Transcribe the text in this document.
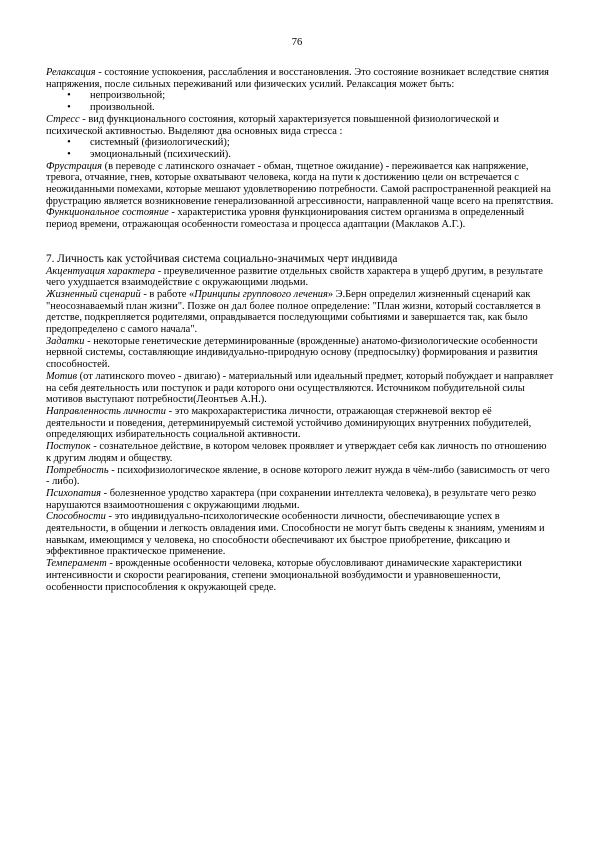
76

Релаксация - состояние успокоения, расслабления и восстановления. Это состояние возникает вследствие снятия напряжения, после сильных переживаний или физических усилий. Релаксация может быть:

•	непроизвольной;
•	произвольной.

Стресс - вид функционального состояния, который характеризуется повышенной физиологической и психической активностью. Выделяют два основных вида стресса :

•	системный (физиологический);
•	эмоциональный (психический).

Фрустрация (в переводе с латинского означает - обман, тщетное ожидание) - переживается как напряжение, тревога, отчаяние, гнев, которые охватывают человека, когда на пути к достижению цели он встречается с неожиданными помехами, которые мешают удовлетворению потребности. Самой распространенной реакцией на фрустрацию является возникновение генерализованной агрессивности, направленной чаще всего на препятствия.

Функциональное состояние - характеристика уровня функционирования систем организма в определенный период времени, отражающая особенности гомеостаза и процесса адаптации (Маклаков А.Г.).

7. Личность как устойчивая система социально-значимых черт индивида

Акцентуация характера - преувеличенное развитие отдельных свойств характера в ущерб другим, в результате чего ухудшается взаимодействие с окружающими людьми.

Жизненный сценарий - в работе «Принципы группового лечения» Э.Берн определил жизненный сценарий как "неосознаваемый план жизни". Позже он дал более полное определение: "План жизни, который составляется в детстве, подкрепляется родителями, оправдывается последующими событиями и завершается так, как было предопределено с самого начала".

Задатки - некоторые генетические детерминированные (врожденные) анатомо-физиологические особенности нервной системы, составляющие индивидуально-природную основу (предпосылку) формирования и развития способностей.

Мотив (от латинского moveo - двигаю) - материальный или идеальный предмет, который побуждает и направляет на себя деятельность или поступок и ради которого они осуществляются. Источником побудительной силы мотивов выступают потребности(Леонтьев А.Н.).

Направленность личности - это макрохарактеристика личности, отражающая стержневой вектор её деятельности и поведения, детерминируемый системой устойчиво доминирующих внутренних побудителей, определяющих избирательность социальной активности.

Поступок - сознательное действие, в котором человек проявляет и утверждает себя как личность по отношению к другим людям и обществу.

Потребность - психофизиологическое явление, в основе которого лежит нужда в чём-либо (зависимость от чего - либо).

Психопатия - болезненное уродство характера (при сохранении интеллекта человека), в результате чего резко нарушаются взаимоотношения с окружающими людьми.

Способности - это индивидуально-психологические особенности личности, обеспечивающие успех в деятельности, в общении и легкость овладения ими. Способности не могут быть сведены к знаниям, умениям и навыкам, имеющимся у человека, но способности обеспечивают их быстрое приобретение, фиксацию и эффективное практическое применение.

Темперамент - врожденные особенности человека, которые обусловливают динамические характеристики интенсивности и скорости реагирования, степени эмоциональной возбудимости и уравновешенности, особенности приспособления к окружающей среде.
